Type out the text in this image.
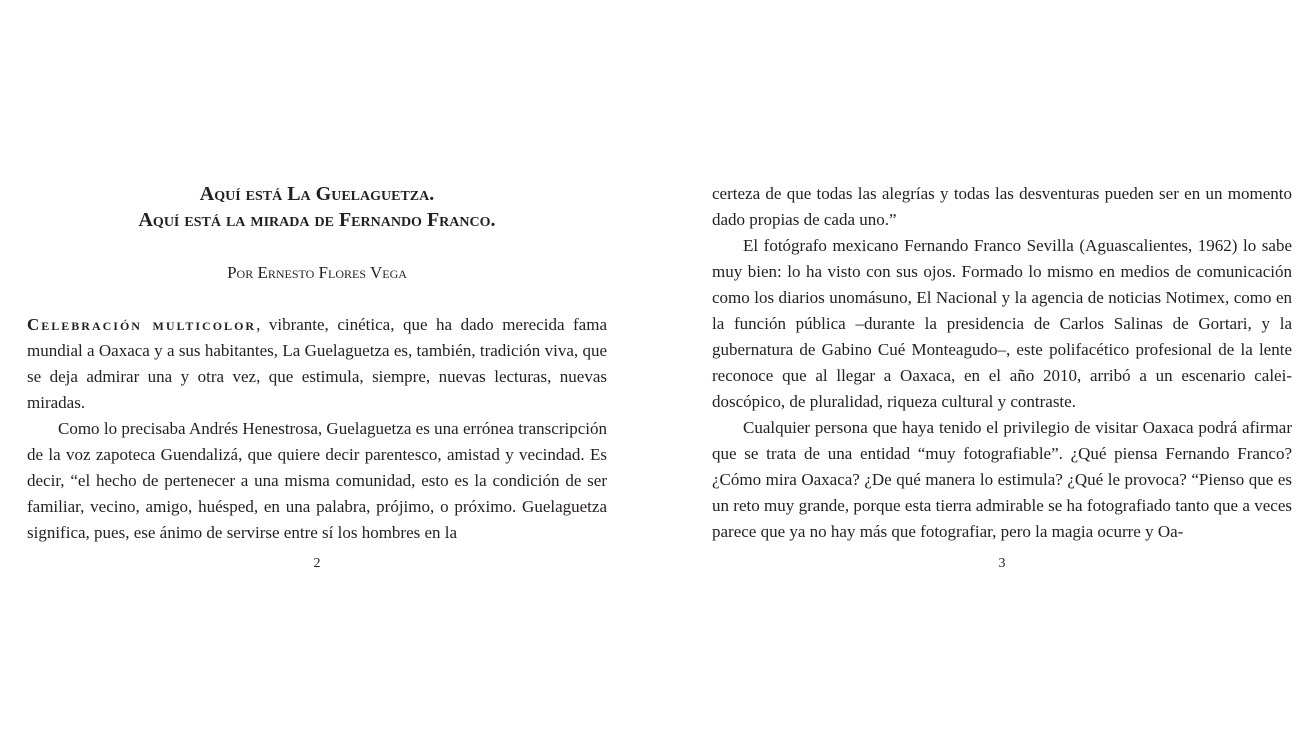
Aquí está La Guelaguetza.
Aquí está la mirada de Fernando Franco.

Por Ernesto Flores Vega

Celebración multicolor, vibrante, cinética, que ha dado merecida fama mundial a Oaxaca y a sus habitantes, La Guelaguetza es, también, tradición viva, que se deja admirar una y otra vez, que estimula, siempre, nuevas lecturas, nuevas miradas.

Como lo precisaba Andrés Henestrosa, Guelaguetza es una errónea transcripción de la voz zapoteca Guendalizá, que quiere decir parentesco, amistad y vecindad. Es decir, “el hecho de pertenecer a una misma comunidad, esto es la condición de ser familiar, vecino, amigo, huésped, en una palabra, prójimo, o próximo. Guelaguetza significa, pues, ese ánimo de servirse entre sí los hombres en la

2

certeza de que todas las alegrías y todas las desventuras pueden ser en un momento dado propias de cada uno.”

El fotógrafo mexicano Fernando Franco Sevilla (Aguascalientes, 1962) lo sabe muy bien: lo ha visto con sus ojos. Formado lo mismo en medios de comunicación como los diarios unomásuno, El Nacional y la agencia de noticias Notimex, como en la función pública –durante la presidencia de Carlos Salinas de Gortari, y la gubernatura de Gabino Cué Monteagudo–, este polifacético profesional de la lente reconoce que al llegar a Oaxaca, en el año 2010, arribó a un escenario caleidoscópico, de pluralidad, riqueza cultural y contraste.

Cualquier persona que haya tenido el privilegio de visitar Oaxaca podrá afirmar que se trata de una entidad “muy fotografiable”. ¿Qué piensa Fernando Franco? ¿Cómo mira Oaxaca? ¿De qué manera lo estimula? ¿Qué le provoca? “Pienso que es un reto muy grande, porque esta tierra admirable se ha fotografiado tanto que a veces parece que ya no hay más que fotografiar, pero la magia ocurre y Oa-

3
